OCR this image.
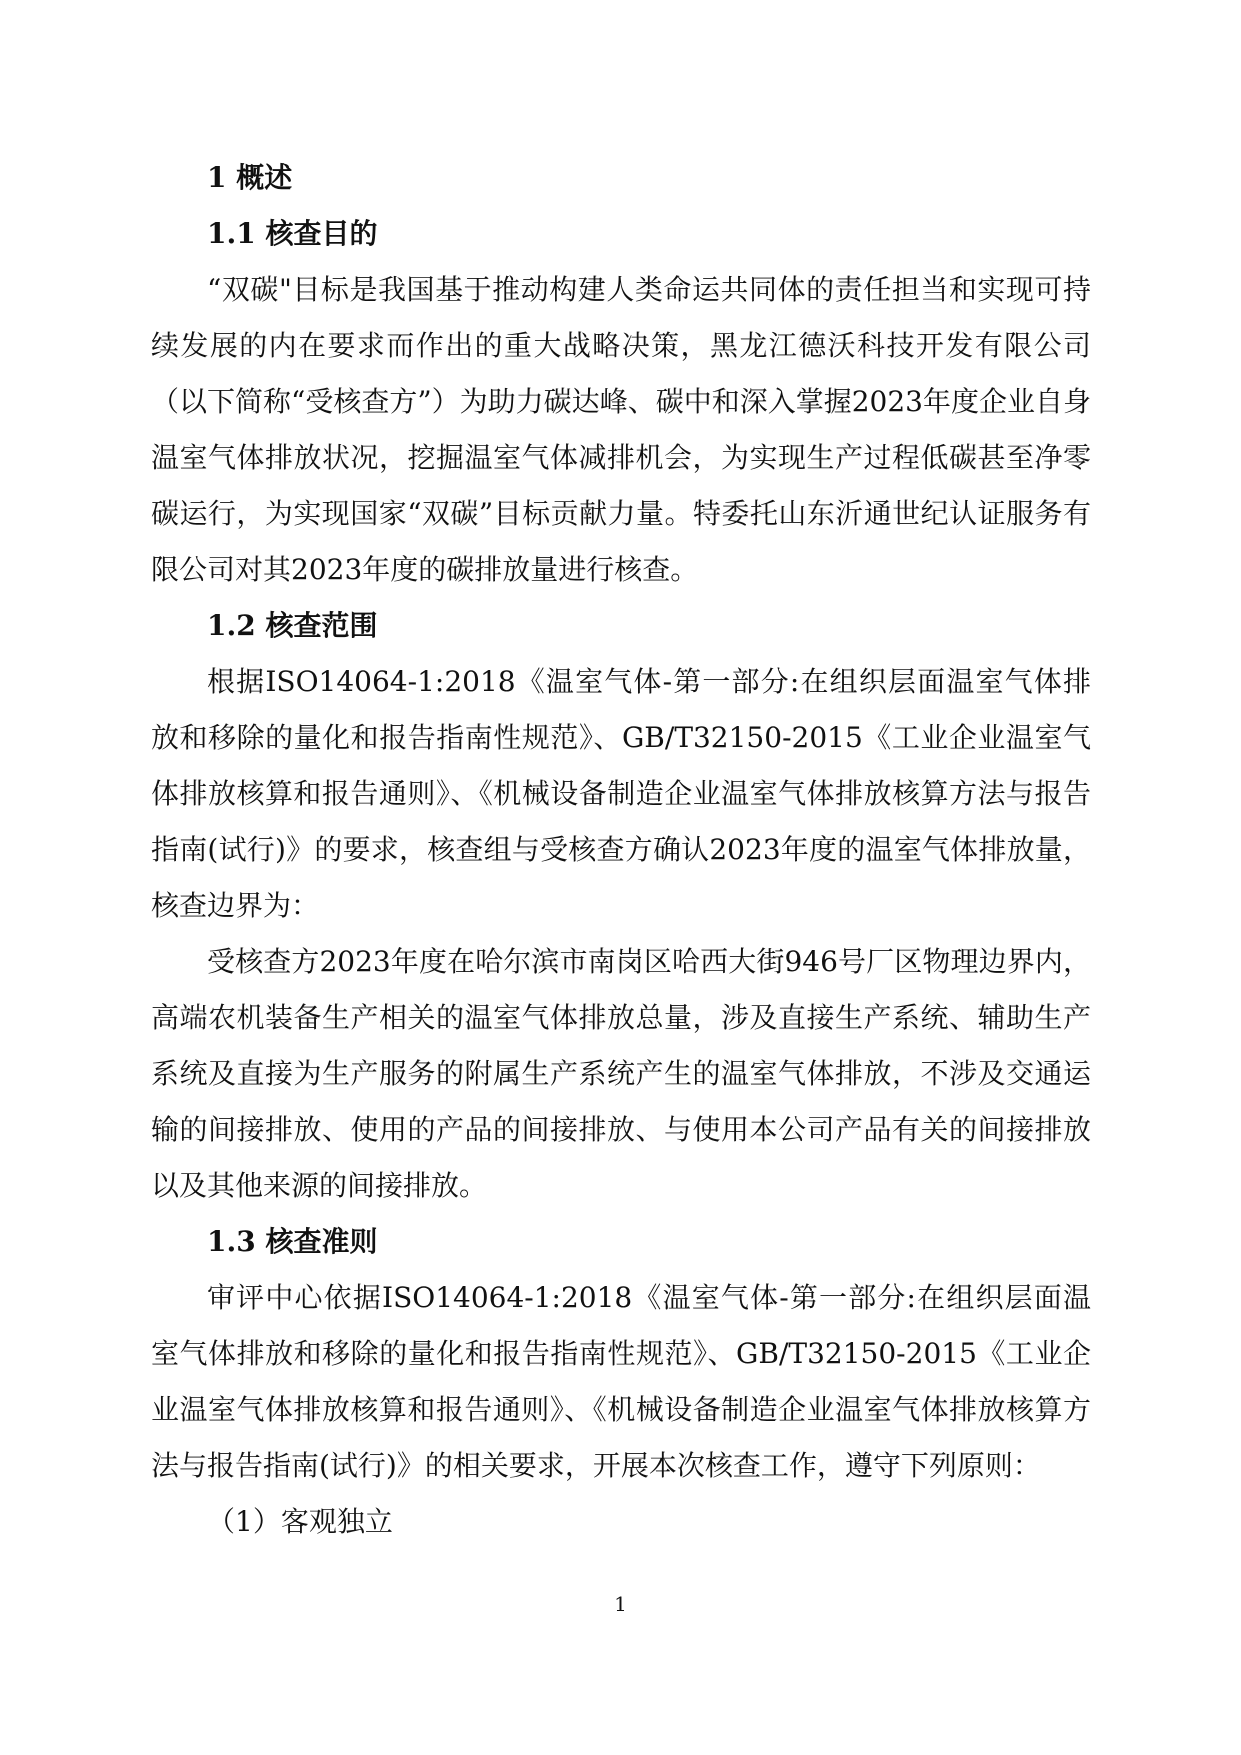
1 概述
1.1 核查目的

“双碳"目标是我国基于推动构建人类命运共同体的责任担当和实现可持续发展的内在要求而作出的重大战略决策，黑龙江德沃科技开发有限公司（以下简称“受核查方”）为助力碳达峰、碳中和深入掌握2023年度企业自身温室气体排放状况，挖掘温室气体减排机会，为实现生产过程低碳甚至净零碳运行，为实现国家“双碳”目标贡献力量。特委托山东沂通世纪认证服务有限公司对其2023年度的碳排放量进行核查。

1.2 核查范围

根据ISO14064-1:2018《温室气体-第一部分:在组织层面温室气体排放和移除的量化和报告指南性规范》、GB/T32150-2015《工业企业温室气体排放核算和报告通则》、《机械设备制造企业温室气体排放核算方法与报告指南(试行)》的要求，核查组与受核查方确认2023年度的温室气体排放量，核查边界为：

受核查方2023年度在哈尔滨市南岗区哈西大街946号厂区物理边界内，高端农机装备生产相关的温室气体排放总量，涉及直接生产系统、辅助生产系统及直接为生产服务的附属生产系统产生的温室气体排放，不涉及交通运输的间接排放、使用的产品的间接排放、与使用本公司产品有关的间接排放以及其他来源的间接排放。

1.3 核查准则

审评中心依据ISO14064-1:2018《温室气体-第一部分:在组织层面温室气体排放和移除的量化和报告指南性规范》、GB/T32150-2015《工业企业温室气体排放核算和报告通则》、《机械设备制造企业温室气体排放核算方法与报告指南(试行)》的相关要求，开展本次核查工作，遵守下列原则：

（1）客观独立
1
